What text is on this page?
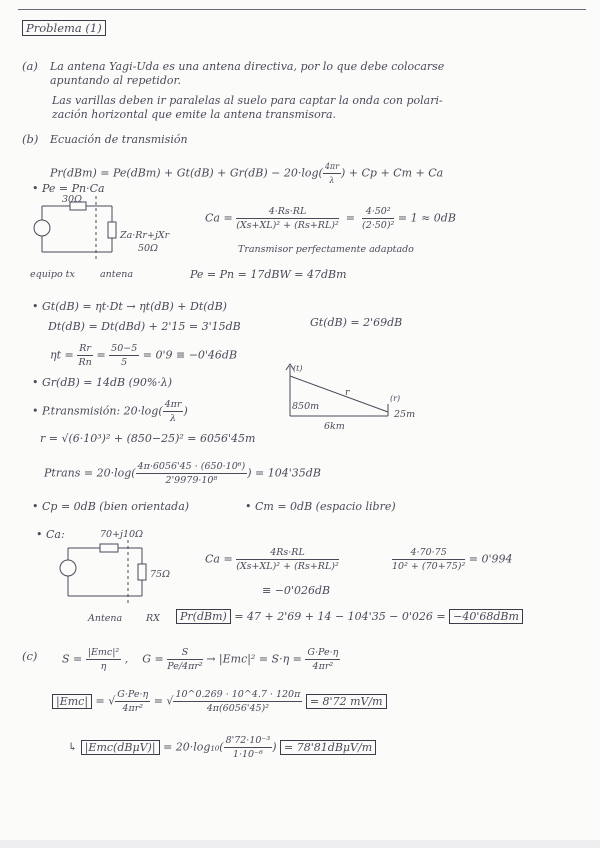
Problema (1)
(a) La antena Yagi-Uda es una antena directiva, por lo que debe colocarse
apuntando al repetidor.
Las varillas deben ir paralelas al suelo para captar la onda con polari-
zación horizontal que emite la antena transmisora.
(b) Ecuación de transmisión
$Pr(dBm) = Pe(dBm) + Gt(dB) + Gr(dB) - 20\cdot\log( \frac{4\pi r}{\lambda}$ ) + Cp + Cm + Ca
• Pe = Pn·Ca
30Ω
Za·Rr+jXr
50Ω
equipo tx	antena
$Ca = \frac{4\cdot Rs\cdot RL}{\text{(Xs+XL)² + (Rs+RL)²}} = \frac{\text{4·50²}}{\text{(2·50)²}} = 1 \approx 0dB$
Transmisor perfectamente adaptado
Pe = Pn = 17dBW = 47dBm
• Gt(dB) = ηt·Dt → ηt(dB) + Dt(dB)
Dt(dB) = Dt(dBd) + 2'15 = 3'15dB	Gt(dB) = 2'69dB
$\eta t = \frac{Rr}{Rn} = \frac{50-5}{5} = 0'9 \equiv -0'46dB$
• Gr(dB) = 14dB (90%·λ)
• P.transmisión: $20\cdot\log( \frac{4\pi r}{\lambda}$ )
(t)
850m
r
(r)
25m
6km
r = √(6·10³)² + (850−25)² = 6056'45m
Ptrans = $20\cdot\log( \frac{\text{4π·6056'45 · (650·10⁶)}}{\text{2'9979·10⁸}}$ ) = 104'35dB
• Cp = 0dB (bien orientada)	• Cm = 0dB (espacio libre)
• Ca:	70+j10Ω
75Ω
Antena	RX
$Ca = \frac{4Rs\cdot RL}{\text{(Xs+XL)² + (Rs+RL)²}}$	$\frac{4\cdot 70\cdot 75}{\text{10² + (70+75)²}} = 0'994$
≡ −0'026dB
Pr(dBm) = 47 + 2'69 + 14 − 104'35 − 0'026 = −40'68dBm
(c) $S = \frac{\text{|Emc|²}}{\eta}$ , $G = \frac{S}{\text{Pe/4πr²}} \to |Emc|^2 = S\cdot\eta = \frac{G\cdot Pe\cdot\eta}{\text{4πr²}}$
|Emc| = √ $\frac{G\cdot Pe\cdot\eta}{\text{4πr²}}$ = √ $\frac{10\^{}0.269 \cdot 10\^{}4.7 \cdot 120\pi}{\text{4π(6056'45)²}} = 8'72$ mV/m
↳ $|Emc(dB\mu V)| = 20\cdot\log_{10}( \frac{\text{8'72·10⁻³}}{\text{1·10⁻⁶}}$ ) = 78'81dBμV/m
